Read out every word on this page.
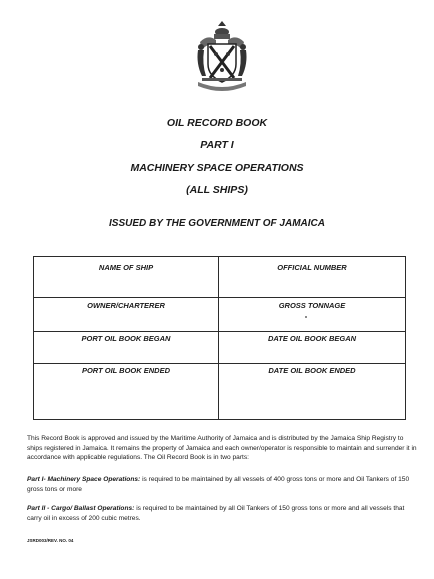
OIL RECORD BOOK
PART I
MACHINERY SPACE OPERATIONS
(ALL SHIPS)
ISSUED BY THE GOVERNMENT OF JAMAICA
NAME OF SHIP	OFFICIAL NUMBER
OWNER/CHARTERER	GROSS TONNAGE
PORT OIL BOOK BEGAN	DATE OIL BOOK BEGAN
PORT OIL BOOK ENDED	DATE OIL BOOK ENDED
This Record Book is approved and issued by the Maritime Authority of Jamaica and is distributed by the Jamaica Ship Registry to ships registered in Jamaica. It remains the property of Jamaica and each owner/operator is responsible to maintain and surrender it in accordance with applicable regulations. The Oil Record Book is in two parts:
Part I- Machinery Space Operations: is required to be maintained by all vessels of 400 gross tons or more and Oil Tankers of 150 gross tons or more
Part II - Cargo/ Ballast Operations: is required to be maintained by all Oil Tankers of 150 gross tons or more and all vessels that carry oil in excess of 200 cubic metres.
JSRD003/REV. NO. 04
